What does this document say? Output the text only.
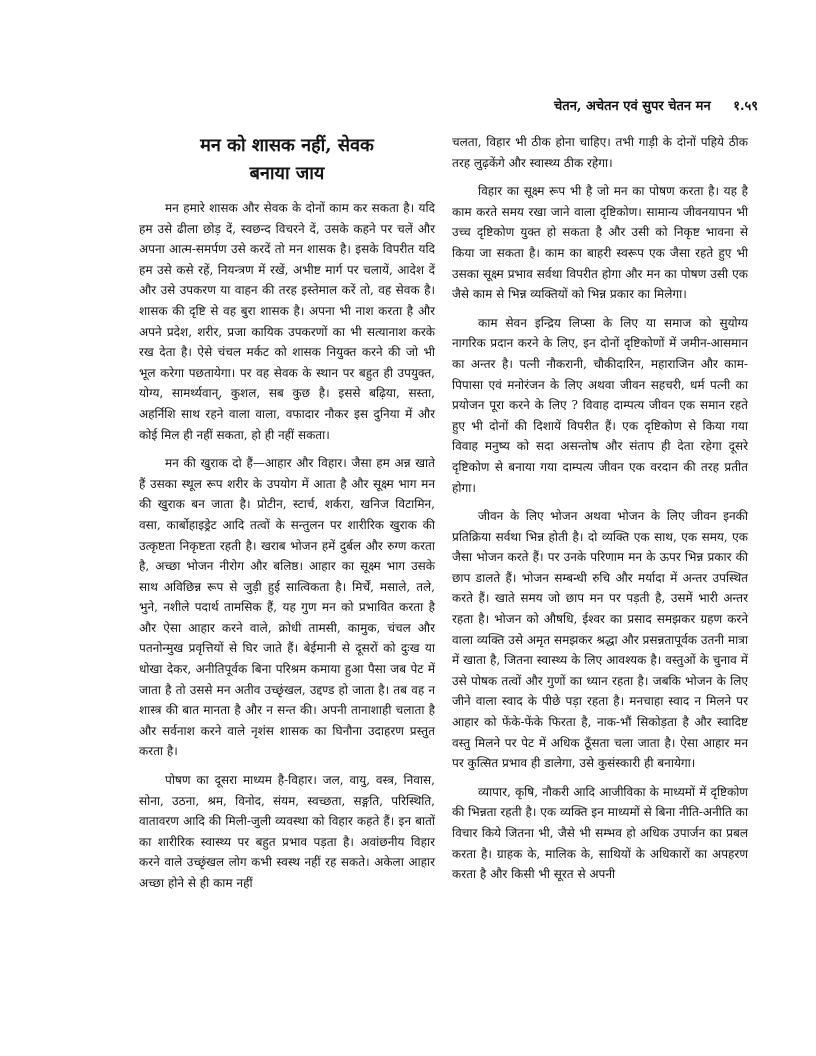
चेतन, अचेतन एवं सुपर चेतन मन १.५९
मन को शासक नहीं, सेवक
बनाया जाय

मन हमारे शासक और सेवक के दोनों काम कर सकता है। यदि हम उसे ढीला छोड़ दें, स्वछन्द विचरने दें, उसके कहने पर चलें और अपना आत्म-समर्पण उसे करदें तो मन शासक है। इसके विपरीत यदि हम उसे कसे रहें, नियन्त्रण में रखें, अभीष्ट मार्ग पर चलायें, आदेश दें और उसे उपकरण या वाहन की तरह इस्तेमाल करें तो, वह सेवक है। शासक की दृष्टि से वह बुरा शासक है। अपना भी नाश करता है और अपने प्रदेश, शरीर, प्रजा कायिक उपकरणों का भी सत्यानाश करके रख देता है। ऐसे चंचल मर्कट को शासक नियुक्त करने की जो भी भूल करेगा पछतायेगा। पर वह सेवक के स्थान पर बहुत ही उपयुक्त, योग्य, सामर्थ्यवान्, कुशल, सब कुछ है। इससे बढ़िया, सस्ता, अहर्निशि साथ रहने वाला वाला, वफादार नौकर इस दुनिया में और कोई मिल ही नहीं सकता, हो ही नहीं सकता।

मन की खुराक दो हैं—आहार और विहार। जैसा हम अन्न खाते हैं उसका स्थूल रूप शरीर के उपयोग में आता है और सूक्ष्म भाग मन की खुराक बन जाता है। प्रोटीन, स्टार्च, शर्करा, खनिज विटामिन, वसा, कार्बोहाइड्रेट आदि तत्वों के सन्तुलन पर शारीरिक खुराक की उत्कृष्टता निकृष्टता रहती है। खराब भोजन हमें दुर्बल और रुग्ण करता है, अच्छा भोजन नीरोग और बलिष्ठ। आहार का सूक्ष्म भाग उसके साथ अविछिन्न रूप से जुड़ी हुई सात्विकता है। मिर्चें, मसाले, तले, भुने, नशीले पदार्थ तामसिक हैं, यह गुण मन को प्रभावित करता है और ऐसा आहार करने वाले, क्रोधी तामसी, कामुक, चंचल और पतनोन्मुख प्रवृत्तियों से घिर जाते हैं। बेईमानी से दूसरों को दुःख या धोखा देकर, अनीतिपूर्वक बिना परिश्रम कमाया हुआ पैसा जब पेट में जाता है तो उससे मन अतीव उच्छृंखल, उद्दण्ड हो जाता है। तब वह न शास्त्र की बात मानता है और न सन्त की। अपनी तानाशाही चलाता है और सर्वनाश करने वाले नृशंस शासक का घिनौना उदाहरण प्रस्तुत करता है।

पोषण का दूसरा माध्यम है-विहार। जल, वायु, वस्त्र, निवास, सोना, उठना, श्रम, विनोद, संयम, स्वच्छता, सङ्गति, परिस्थिति, वातावरण आदि की मिली-जुली व्यवस्था को विहार कहते हैं। इन बातों का शारीरिक स्वास्थ्य पर बहुत प्रभाव पड़ता है। अवांछनीय विहार करने वाले उच्छृंखल लोग कभी स्वस्थ नहीं रह सकते। अकेला आहार अच्छा होने से ही काम नहीं

चलता, विहार भी ठीक होना चाहिए। तभी गाड़ी के दोनों पहिये ठीक तरह लुढ़केंगे और स्वास्थ्य ठीक रहेगा।

विहार का सूक्ष्म रूप भी है जो मन का पोषण करता है। यह है काम करते समय रखा जाने वाला दृष्टिकोण। सामान्य जीवनयापन भी उच्च दृष्टिकोण युक्त हो सकता है और उसी को निकृष्ट भावना से किया जा सकता है। काम का बाहरी स्वरूप एक जैसा रहते हुए भी उसका सूक्ष्म प्रभाव सर्वथा विपरीत होगा और मन का पोषण उसी एक जैसे काम से भिन्न व्यक्तियों को भिन्न प्रकार का मिलेगा।

काम सेवन इन्द्रिय लिप्सा के लिए या समाज को सुयोग्य नागरिक प्रदान करने के लिए, इन दोनों दृष्टिकोणों में जमीन-आसमान का अन्तर है। पत्नी नौकरानी, चौकीदारिन, महाराजिन और काम-पिपासा एवं मनोरंजन के लिए अथवा जीवन सहचरी, धर्म पत्नी का प्रयोजन पूरा करने के लिए ? विवाह दाम्पत्य जीवन एक समान रहते हुए भी दोनों की दिशायें विपरीत हैं। एक दृष्टिकोण से किया गया विवाह मनुष्य को सदा असन्तोष और संताप ही देता रहेगा दूसरे दृष्टिकोण से बनाया गया दाम्पत्य जीवन एक वरदान की तरह प्रतीत होगा।

जीवन के लिए भोजन अथवा भोजन के लिए जीवन इनकी प्रतिक्रिया सर्वथा भिन्न होती है। दो व्यक्ति एक साथ, एक समय, एक जैसा भोजन करते हैं। पर उनके परिणाम मन के ऊपर भिन्न प्रकार की छाप डालते हैं। भोजन सम्बन्धी रुचि और मर्यादा में अन्तर उपस्थित करते हैं। खाते समय जो छाप मन पर पड़ती है, उसमें भारी अन्तर रहता है। भोजन को औषधि, ईश्वर का प्रसाद समझकर ग्रहण करने वाला व्यक्ति उसे अमृत समझकर श्रद्धा और प्रसन्नतापूर्वक उतनी मात्रा में खाता है, जितना स्वास्थ्य के लिए आवश्यक है। वस्तुओं के चुनाव में उसे पोषक तत्वों और गुणों का ध्यान रहता है। जबकि भोजन के लिए जीने वाला स्वाद के पीछे पड़ा रहता है। मनचाहा स्वाद न मिलने पर आहार को फेंके-फेंके फिरता है, नाक-भौं सिकोड़ता है और स्वादिष्ट वस्तु मिलने पर पेट में अधिक ठूँसता चला जाता है। ऐसा आहार मन पर कुत्सित प्रभाव ही डालेगा, उसे कुसंस्कारी ही बनायेगा।

व्यापार, कृषि, नौकरी आदि आजीविका के माध्यमों में दृष्टिकोण की भिन्नता रहती है। एक व्यक्ति इन माध्यमों से बिना नीति-अनीति का विचार किये जितना भी, जैसे भी सम्भव हो अधिक उपार्जन का प्रबल करता है। ग्राहक के, मालिक के, साथियों के अधिकारों का अपहरण करता है और किसी भी सूरत से अपनी
